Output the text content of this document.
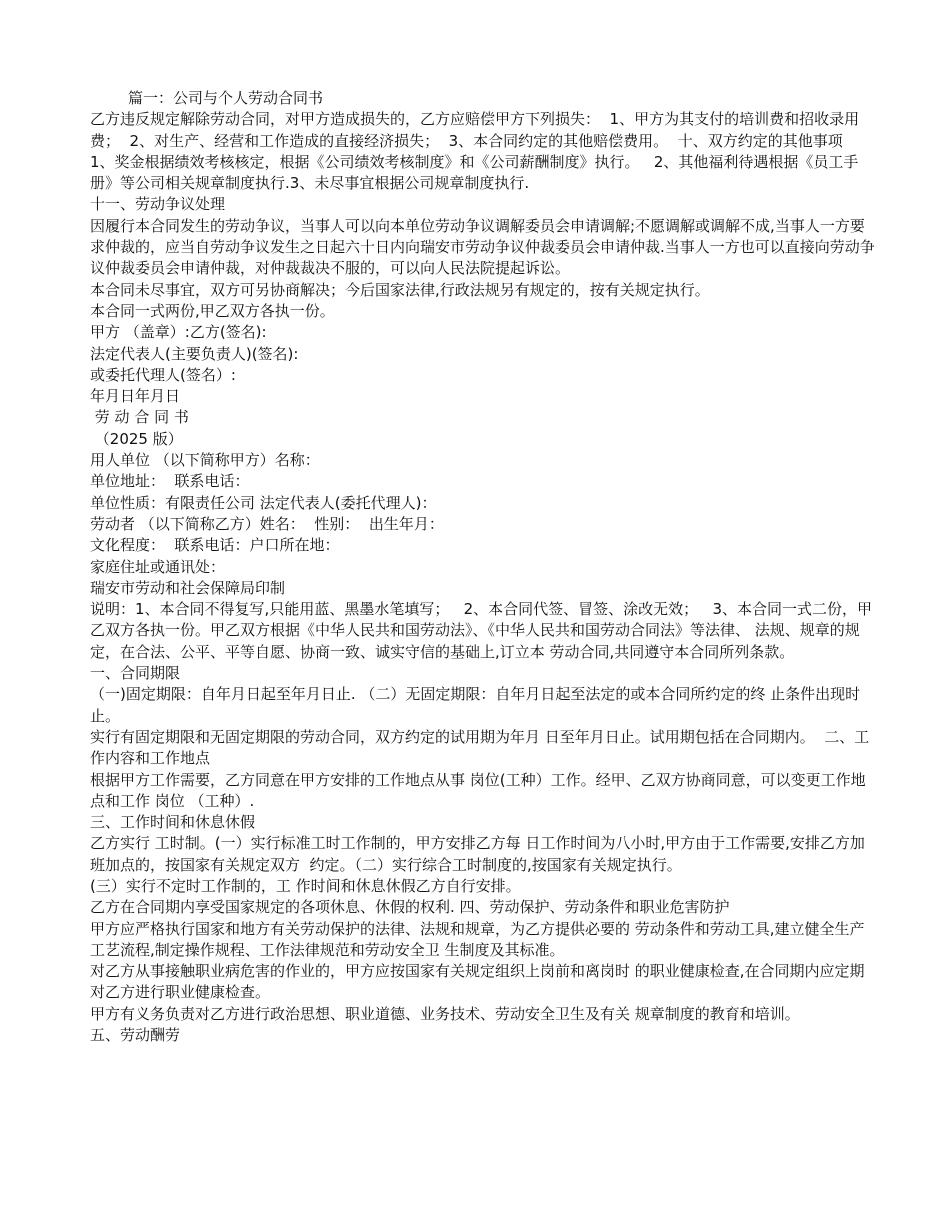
篇一：公司与个人劳动合同书

乙方违反规定解除劳动合同，对甲方造成损失的，乙方应赔偿甲方下列损失：  1、甲方为其支付的培训费和招收录用费；  2、对生产、经营和工作造成的直接经济损失；  3、本合同约定的其他赔偿费用。  十、双方约定的其他事项

1、奖金根据绩效考核核定，根据《公司绩效考核制度》和《公司薪酬制度》执行。   2、其他福利待遇根据《员工手册》等公司相关规章制度执行.3、未尽事宜根据公司规章制度执行.

十一、劳动争议处理

因履行本合同发生的劳动争议，当事人可以向本单位劳动争议调解委员会申请调解;不愿调解或调解不成,当事人一方要求仲裁的，应当自劳动争议发生之日起六十日内向瑞安市劳动争议仲裁委员会申请仲裁.当事人一方也可以直接向劳动争议仲裁委员会申请仲裁，对仲裁裁决不服的，可以向人民法院提起诉讼。

本合同未尽事宜，双方可另协商解决；今后国家法律,行政法规另有规定的，按有关规定执行。

本合同一式两份,甲乙双方各执一份。

甲方 （盖章）:乙方(签名):

法定代表人(主要负责人)(签名):

或委托代理人(签名）:

年月日年月日

劳 动 合 同 书

（2025 版）

用人单位 （以下简称甲方）名称：

单位地址：  联系电话：

单位性质：有限责任公司 法定代表人(委托代理人)：

劳动者 （以下简称乙方）姓名：  性别：  出生年月：

文化程度：  联系电话：户口所在地：

家庭住址或通讯处：

瑞安市劳动和社会保障局印制

说明：1、本合同不得复写,只能用蓝、黑墨水笔填写；   2、本合同代签、冒签、涂改无效；   3、本合同一式二份，甲乙双方各执一份。甲乙双方根据《中华人民共和国劳动法》、《中华人民共和国劳动合同法》等法律、 法规、规章的规定，在合法、公平、平等自愿、协商一致、诚实守信的基础上,订立本 劳动合同,共同遵守本合同所列条款。

一、合同期限

（一)固定期限：自年月日起至年月日止. （二）无固定期限：自年月日起至法定的或本合同所约定的终 止条件出现时止。

实行有固定期限和无固定期限的劳动合同，双方约定的试用期为年月 日至年月日止。试用期包括在合同期内。  二、工作内容和工作地点

根据甲方工作需要，乙方同意在甲方安排的工作地点从事 岗位(工种）工作。经甲、乙双方协商同意，可以变更工作地点和工作 岗位 （工种）.

三、工作时间和休息休假

乙方实行 工时制。(一）实行标准工时工作制的，甲方安排乙方每 日工作时间为八小时,甲方由于工作需要,安排乙方加班加点的，按国家有关规定双方  约定。（二）实行综合工时制度的,按国家有关规定执行。

(三）实行不定时工作制的，工 作时间和休息休假乙方自行安排。

乙方在合同期内享受国家规定的各项休息、休假的权利. 四、劳动保护、劳动条件和职业危害防护

甲方应严格执行国家和地方有关劳动保护的法律、法规和规章，为乙方提供必要的 劳动条件和劳动工具,建立健全生产工艺流程,制定操作规程、工作法律规范和劳动安全卫 生制度及其标准。

对乙方从事接触职业病危害的作业的，甲方应按国家有关规定组织上岗前和离岗时 的职业健康检查,在合同期内应定期对乙方进行职业健康检查。

甲方有义务负责对乙方进行政治思想、职业道德、业务技术、劳动安全卫生及有关 规章制度的教育和培训。

五、劳动酬劳
